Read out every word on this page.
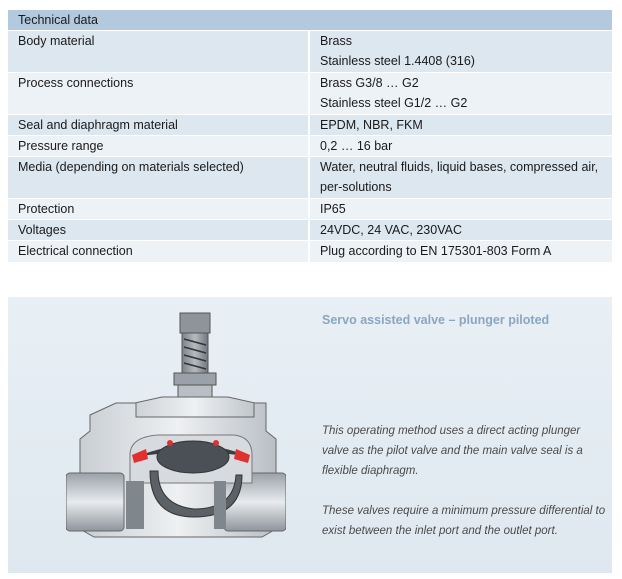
Technical data
Body material	Brass
Stainless steel 1.4408 (316)
Process connections	Brass G3/8 … G2
Stainless steel G1/2 … G2
Seal and diaphragm material	EPDM, NBR, FKM
Pressure range	0,2 … 16 bar
Media (depending on materials selected)	Water, neutral fluids, liquid bases, compressed air,
per-solutions
Protection	IP65
Voltages	24VDC, 24 VAC, 230VAC
Electrical connection	Plug according to EN 175301-803 Form A
Servo assisted valve – plunger piloted
This operating method uses a direct acting plunger valve as the pilot valve and the main valve seal is a flexible diaphragm.
These valves require a minimum pressure differential to exist between the inlet port and the outlet port.
